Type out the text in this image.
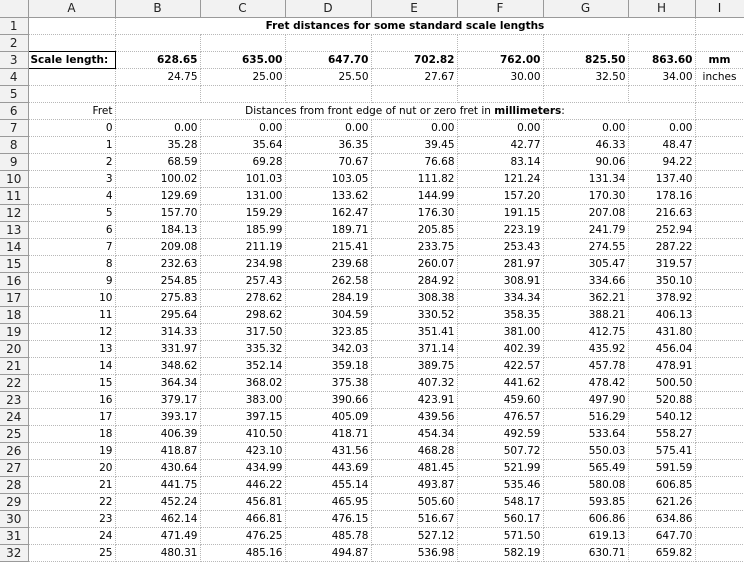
	A	B	C	D	E	F	G	H	I
1		Fret distances for some standard scale lengths							
2									
3	Scale length:	628.65	635.00	647.70	702.82	762.00	825.50	863.60	mm
4		24.75	25.00	25.50	27.67	30.00	32.50	34.00	inches
5									
6	Fret	Distances from front edge of nut or zero fret in millimeters:							
7	0	0.00	0.00	0.00	0.00	0.00	0.00	0.00	
8	1	35.28	35.64	36.35	39.45	42.77	46.33	48.47	
9	2	68.59	69.28	70.67	76.68	83.14	90.06	94.22	
10	3	100.02	101.03	103.05	111.82	121.24	131.34	137.40	
11	4	129.69	131.00	133.62	144.99	157.20	170.30	178.16	
12	5	157.70	159.29	162.47	176.30	191.15	207.08	216.63	
13	6	184.13	185.99	189.71	205.85	223.19	241.79	252.94	
14	7	209.08	211.19	215.41	233.75	253.43	274.55	287.22	
15	8	232.63	234.98	239.68	260.07	281.97	305.47	319.57	
16	9	254.85	257.43	262.58	284.92	308.91	334.66	350.10	
17	10	275.83	278.62	284.19	308.38	334.34	362.21	378.92	
18	11	295.64	298.62	304.59	330.52	358.35	388.21	406.13	
19	12	314.33	317.50	323.85	351.41	381.00	412.75	431.80	
20	13	331.97	335.32	342.03	371.14	402.39	435.92	456.04	
21	14	348.62	352.14	359.18	389.75	422.57	457.78	478.91	
22	15	364.34	368.02	375.38	407.32	441.62	478.42	500.50	
23	16	379.17	383.00	390.66	423.91	459.60	497.90	520.88	
24	17	393.17	397.15	405.09	439.56	476.57	516.29	540.12	
25	18	406.39	410.50	418.71	454.34	492.59	533.64	558.27	
26	19	418.87	423.10	431.56	468.28	507.72	550.03	575.41	
27	20	430.64	434.99	443.69	481.45	521.99	565.49	591.59	
28	21	441.75	446.22	455.14	493.87	535.46	580.08	606.85	
29	22	452.24	456.81	465.95	505.60	548.17	593.85	621.26	
30	23	462.14	466.81	476.15	516.67	560.17	606.86	634.86	
31	24	471.49	476.25	485.78	527.12	571.50	619.13	647.70	
32	25	480.31	485.16	494.87	536.98	582.19	630.71	659.82	
